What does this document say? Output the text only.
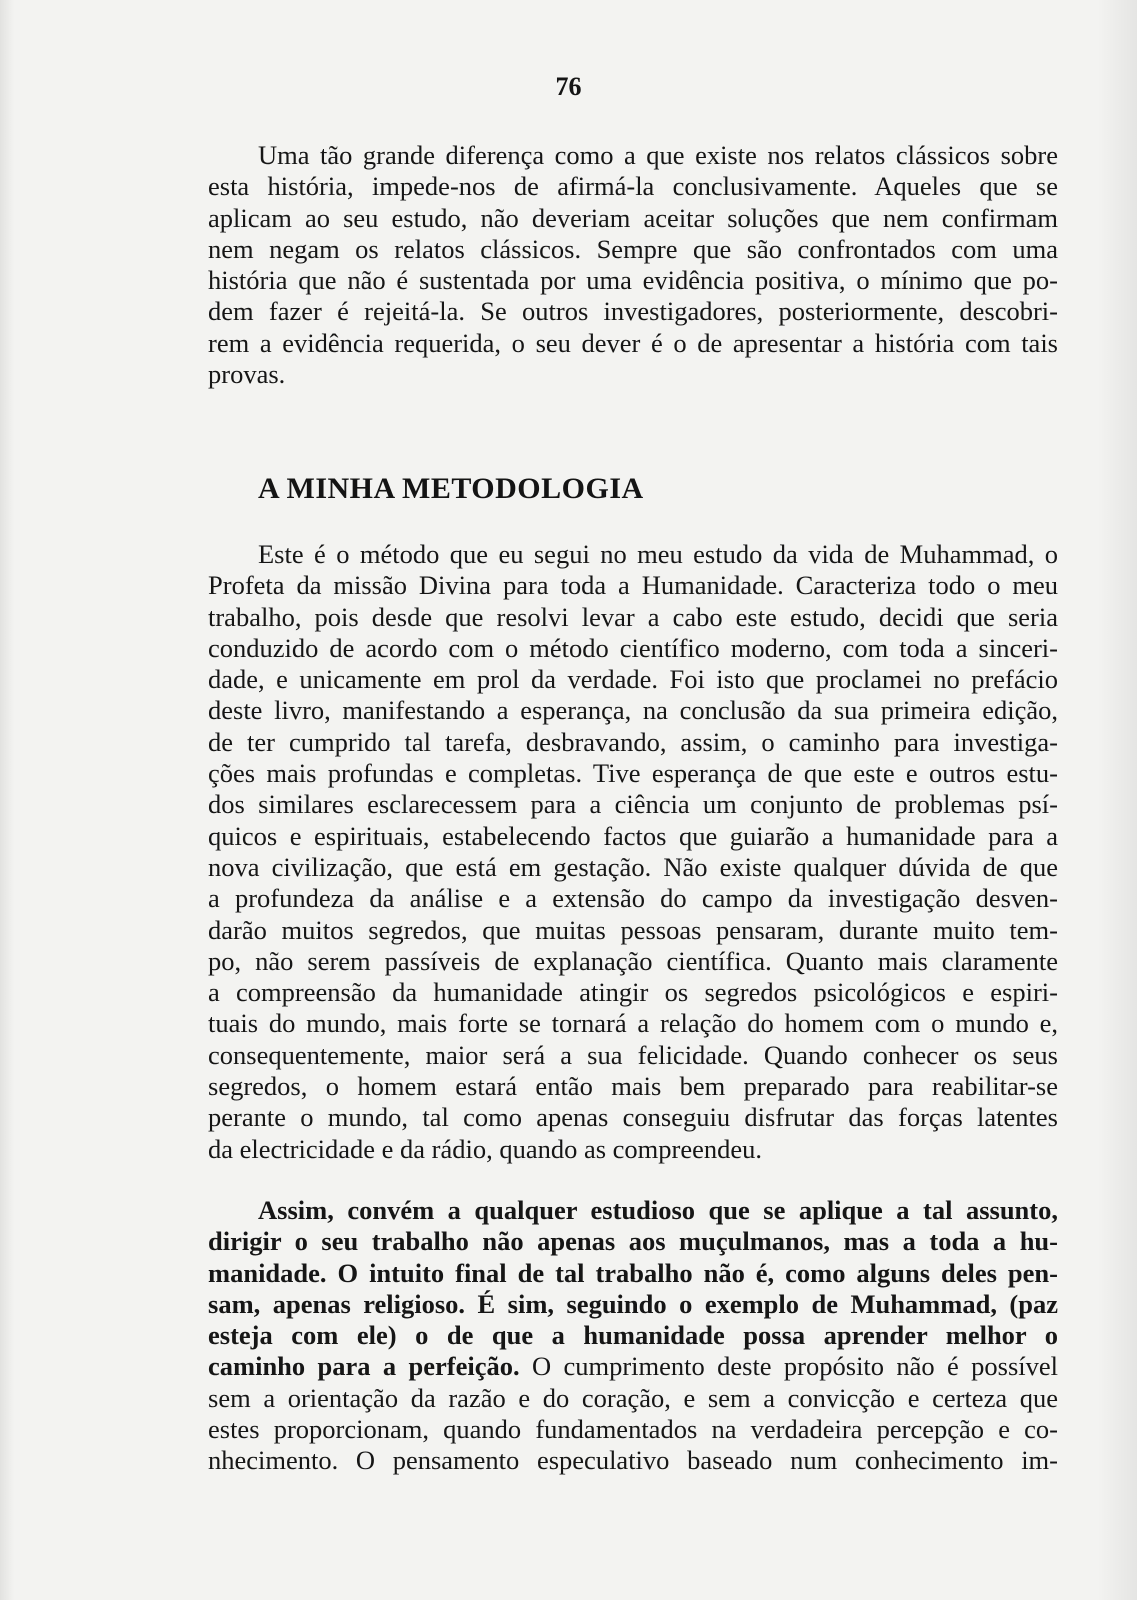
76
Uma tão grande diferença como a que existe nos relatos clássicos sobre
esta história, impede-nos de afirmá-la conclusivamente. Aqueles que se
aplicam ao seu estudo, não deveriam aceitar soluções que nem confirmam
nem negam os relatos clássicos. Sempre que são confrontados com uma
história que não é sustentada por uma evidência positiva, o mínimo que po-
dem fazer é rejeitá-la. Se outros investigadores, posteriormente, descobri-
rem a evidência requerida, o seu dever é o de apresentar a história com tais
provas.
A MINHA METODOLOGIA
Este é o método que eu segui no meu estudo da vida de Muhammad, o
Profeta da missão Divina para toda a Humanidade. Caracteriza todo o meu
trabalho, pois desde que resolvi levar a cabo este estudo, decidi que seria
conduzido de acordo com o método científico moderno, com toda a sinceri-
dade, e unicamente em prol da verdade. Foi isto que proclamei no prefácio
deste livro, manifestando a esperança, na conclusão da sua primeira edição,
de ter cumprido tal tarefa, desbravando, assim, o caminho para investiga-
ções mais profundas e completas. Tive esperança de que este e outros estu-
dos similares esclarecessem para a ciência um conjunto de problemas psí-
quicos e espirituais, estabelecendo factos que guiarão a humanidade para a
nova civilização, que está em gestação. Não existe qualquer dúvida de que
a profundeza da análise e a extensão do campo da investigação desven-
darão muitos segredos, que muitas pessoas pensaram, durante muito tem-
po, não serem passíveis de explanação científica. Quanto mais claramente
a compreensão da humanidade atingir os segredos psicológicos e espiri-
tuais do mundo, mais forte se tornará a relação do homem com o mundo e,
consequentemente, maior será a sua felicidade. Quando conhecer os seus
segredos, o homem estará então mais bem preparado para reabilitar-se
perante o mundo, tal como apenas conseguiu disfrutar das forças latentes
da electricidade e da rádio, quando as compreendeu.
Assim, convém a qualquer estudioso que se aplique a tal assunto,
dirigir o seu trabalho não apenas aos muçulmanos, mas a toda a hu-
manidade. O intuito final de tal trabalho não é, como alguns deles pen-
sam, apenas religioso. É sim, seguindo o exemplo de Muhammad, (paz
esteja com ele) o de que a humanidade possa aprender melhor o
caminho para a perfeição. O cumprimento deste propósito não é possível
sem a orientação da razão e do coração, e sem a convicção e certeza que
estes proporcionam, quando fundamentados na verdadeira percepção e co-
nhecimento. O pensamento especulativo baseado num conhecimento im-
